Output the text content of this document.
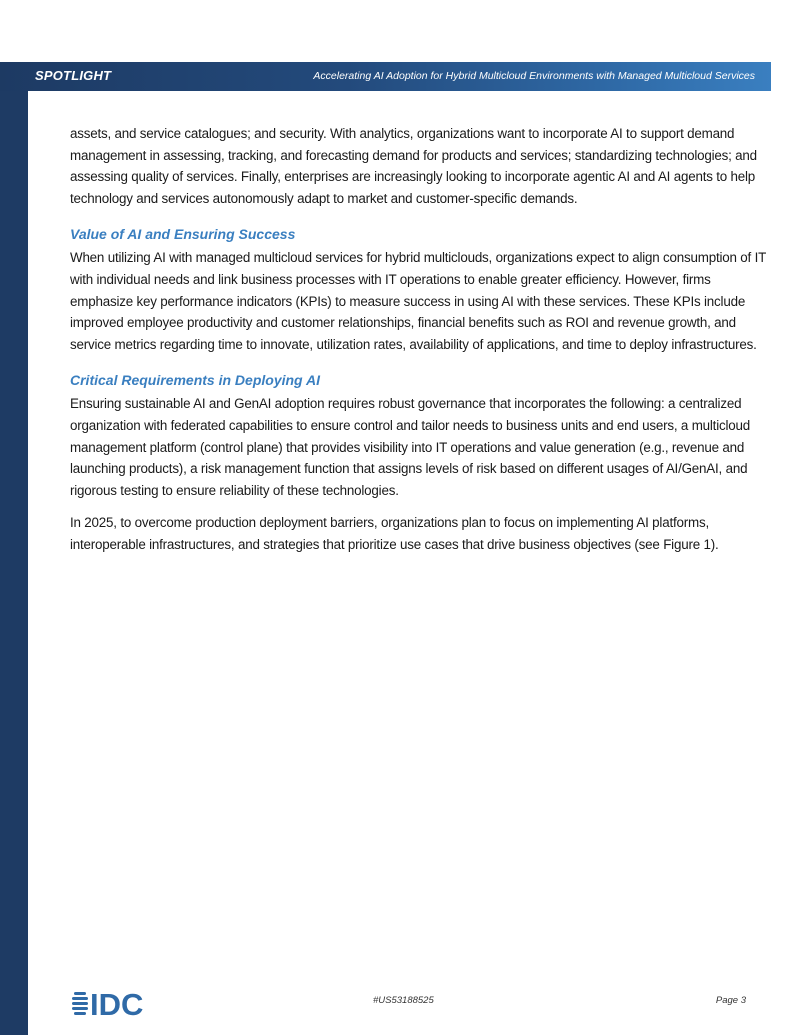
SPOTLIGHT	Accelerating AI Adoption for Hybrid Multicloud Environments with Managed Multicloud Services

assets, and service catalogues; and security. With analytics, organizations want to incorporate AI to support demand management in assessing, tracking, and forecasting demand for products and services; standardizing technologies; and assessing quality of services. Finally, enterprises are increasingly looking to incorporate agentic AI and AI agents to help technology and services autonomously adapt to market and customer-specific demands.

Value of AI and Ensuring Success

When utilizing AI with managed multicloud services for hybrid multiclouds, organizations expect to align consumption of IT with individual needs and link business processes with IT operations to enable greater efficiency. However, firms emphasize key performance indicators (KPIs) to measure success in using AI with these services. These KPIs include improved employee productivity and customer relationships, financial benefits such as ROI and revenue growth, and service metrics regarding time to innovate, utilization rates, availability of applications, and time to deploy infrastructures.

Critical Requirements in Deploying AI

Ensuring sustainable AI and GenAI adoption requires robust governance that incorporates the following: a centralized organization with federated capabilities to ensure control and tailor needs to business units and end users, a multicloud management platform (control plane) that provides visibility into IT operations and value generation (e.g., revenue and launching products), a risk management function that assigns levels of risk based on different usages of AI/GenAI, and rigorous testing to ensure reliability of these technologies.

In 2025, to overcome production deployment barriers, organizations plan to focus on implementing AI platforms, interoperable infrastructures, and strategies that prioritize use cases that drive business objectives (see Figure 1).

IDC	#US53188525	Page 3
